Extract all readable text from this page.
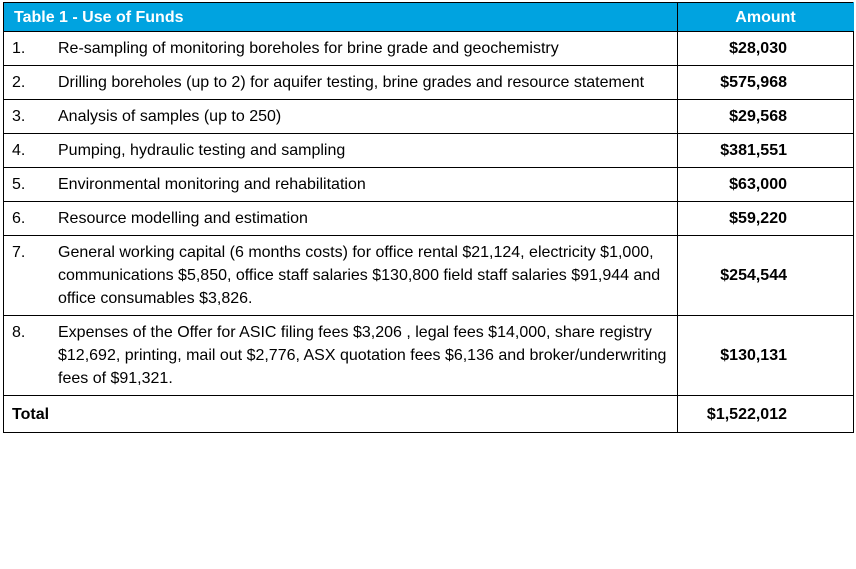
Table 1 - Use of Funds	Amount

1. Re-sampling of monitoring boreholes for brine grade and geochemistry	$28,030

2. Drilling boreholes (up to 2) for aquifer testing, brine grades and resource statement	$575,968

3. Analysis of samples (up to 250)	$29,568

4. Pumping, hydraulic testing and sampling	$381,551

5. Environmental monitoring and rehabilitation	$63,000

6. Resource modelling and estimation	$59,220

7. General working capital (6 months costs) for office rental $21,124, electricity $1,000, communications $5,850, office staff salaries $130,800 field staff salaries $91,944 and office consumables $3,826.	$254,544

8. Expenses of the Offer for ASIC filing fees $3,206 , legal fees $14,000, share registry $12,692, printing, mail out $2,776, ASX quotation fees $6,136 and broker/underwriting fees of $91,321.	$130,131
Total	$1,522,012
